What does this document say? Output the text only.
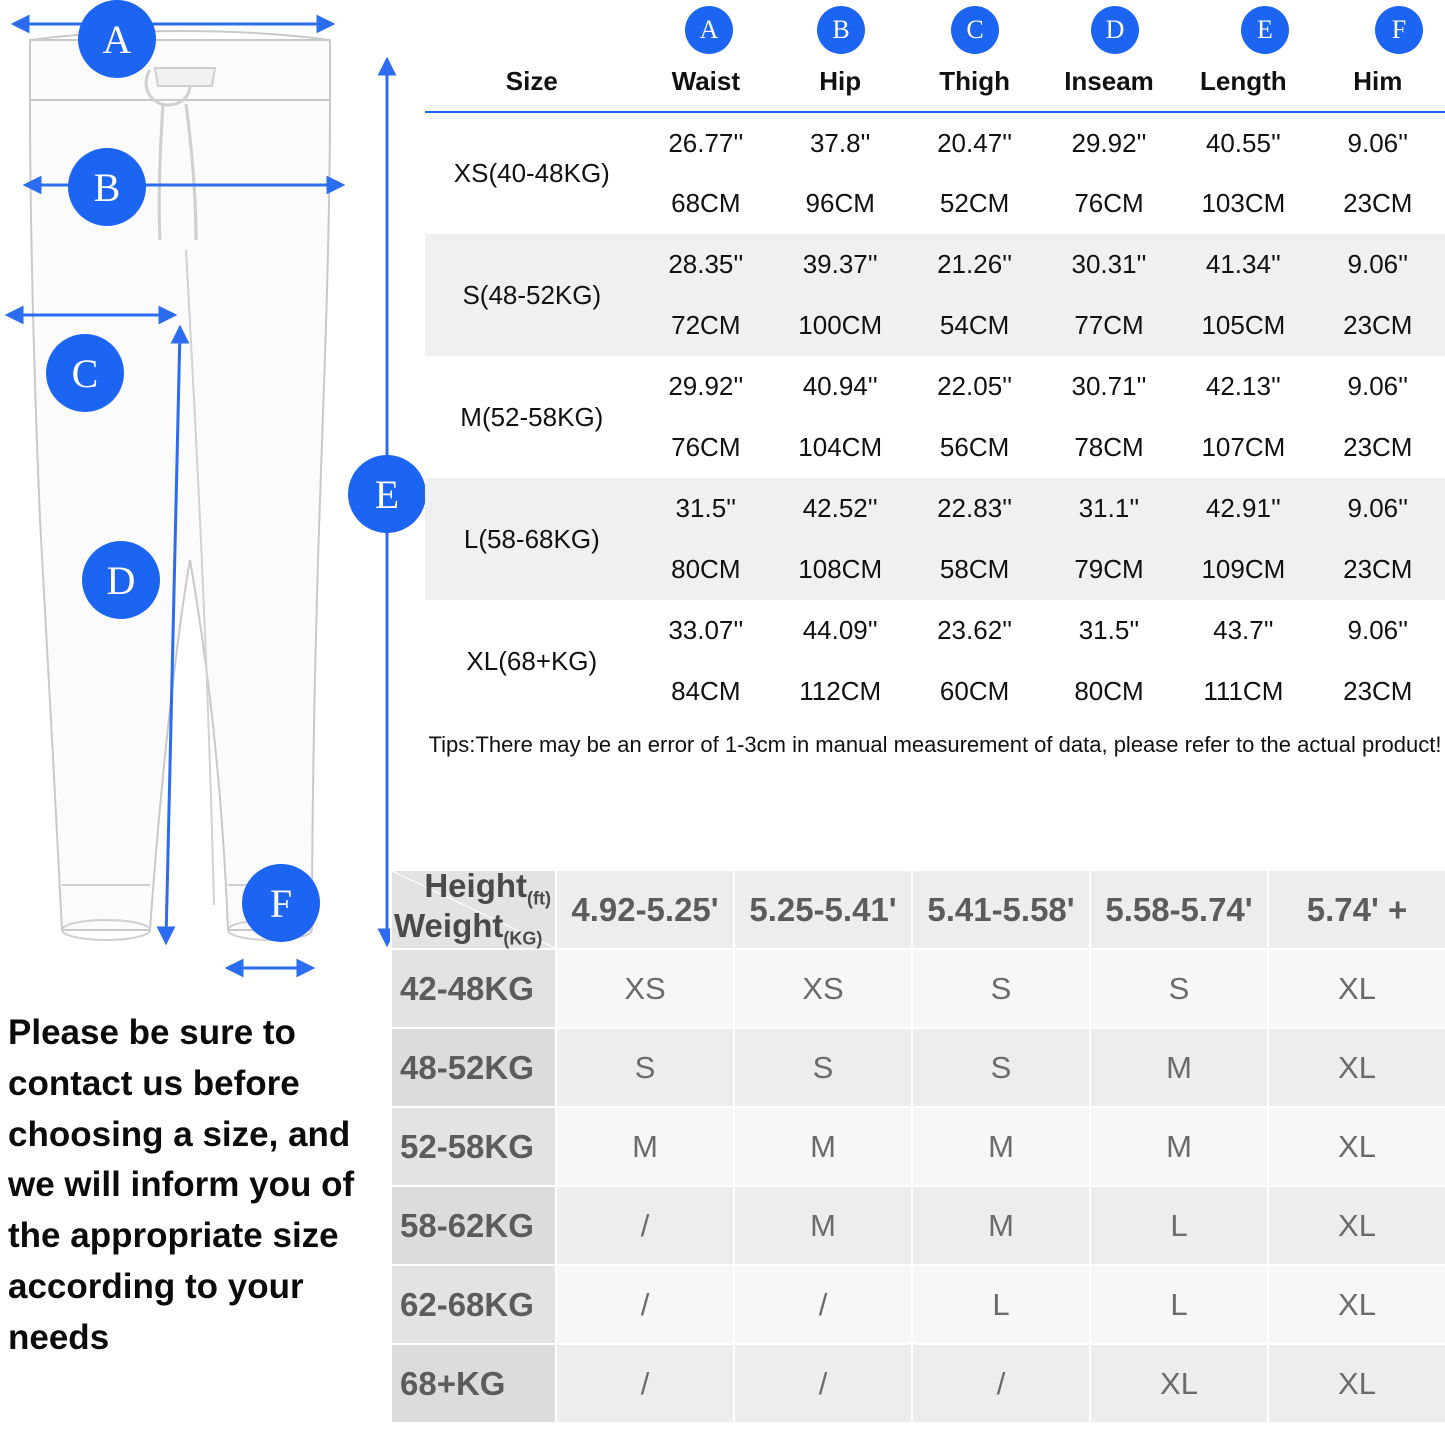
A
B
C
D
E
F
Please be sure to contact us before choosing a size, and we will inform you of the appropriate size according to your needs
A	B	C	D	E	F
Size	Waist	Hip	Thigh	Inseam	Length	Him
XS(40-48KG)	26.77''	37.8''	20.47''	29.92''	40.55''	9.06''
	68CM	96CM	52CM	76CM	103CM	23CM
S(48-52KG)	28.35''	39.37''	21.26''	30.31''	41.34''	9.06''
	72CM	100CM	54CM	77CM	105CM	23CM
M(52-58KG)	29.92''	40.94''	22.05''	30.71''	42.13''	9.06''
	76CM	104CM	56CM	78CM	107CM	23CM
L(58-68KG)	31.5''	42.52''	22.83''	31.1''	42.91''	9.06''
	80CM	108CM	58CM	79CM	109CM	23CM
XL(68+KG)	33.07''	44.09''	23.62''	31.5''	43.7''	9.06''
	84CM	112CM	60CM	80CM	111CM	23CM
Tips:There may be an error of 1-3cm in manual measurement of data, please refer to the actual product!
Height$_{(ft)}$
Weight$_{(KG)}$	4.92-5.25'	5.25-5.41'	5.41-5.58'	5.58-5.74'	5.74' +
42-48KG	XS	XS	S	S	XL
48-52KG	S	S	S	M	XL
52-58KG	M	M	M	M	XL
58-62KG	/	M	M	L	XL
62-68KG	/	/	L	L	XL
68+KG	/	/	/	XL	XL
